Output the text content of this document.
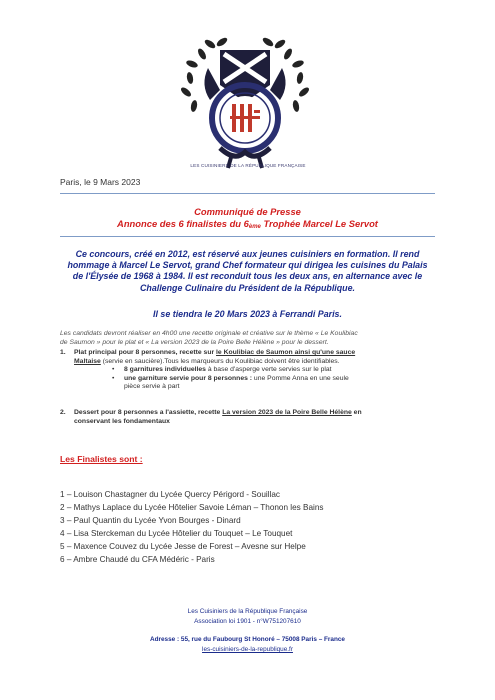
LES CUISINIERS DE LA RÉPUBLIQUE FRANÇAISE
Paris, le 9 Mars 2023
Communiqué de Presse
Annonce des 6 finalistes du $6_{ème}$ Trophée Marcel Le Servot
Ce concours, créé en 2012, est réservé aux jeunes cuisiniers en formation. Il rend
hommage à Marcel Le Servot, grand Chef formateur qui dirigea les cuisines du Palais
de l'Élysée de 1968 à 1984. Il est reconduit tous les deux ans, en alternance avec le
Challenge Culinaire du Président de la République.
Il se tiendra le 20 Mars 2023 à Ferrandi Paris.
Les candidats devront réaliser en 4h00 une recette originale et créative sur le thème « Le Koulibiac
de Saumon » pour le plat et « La version 2023 de la Poire Belle Hélène » pour le dessert.
1. Plat principal pour 8 personnes, recette sur le Koulibiac de Saumon ainsi qu'une sauce
Maltaise (servie en saucière).Tous les marqueurs du Koulibiac doivent être identifiables.
• 8 garnitures individuelles à base d'asperge verte servies sur le plat
• une garniture servie pour 8 personnes : une Pomme Anna en une seule
pièce servie à part
2. Dessert pour 8 personnes a l'assiette, recette La version 2023 de la Poire Belle Hélène en
conservant les fondamentaux
Les Finalistes sont :
1 – Louison Chastagner du Lycée Quercy Périgord - Souillac
2 – Mathys Laplace du Lycée Hôtelier Savoie Léman – Thonon les Bains
3 – Paul Quantin du Lycée Yvon Bourges - Dinard
4 – Lisa Sterckeman du Lycée Hôtelier du Touquet – Le Touquet
5 – Maxence Couvez du Lycée Jesse de Forest – Avesne sur Helpe
6 – Ambre Chaudé du CFA Médéric - Paris
Les Cuisiniers de la République Française
Association loi 1901 - n°W751207610
Adresse : 55, rue du Faubourg St Honoré – 75008 Paris – France
les-cuisiniers-de-la-republique.fr
